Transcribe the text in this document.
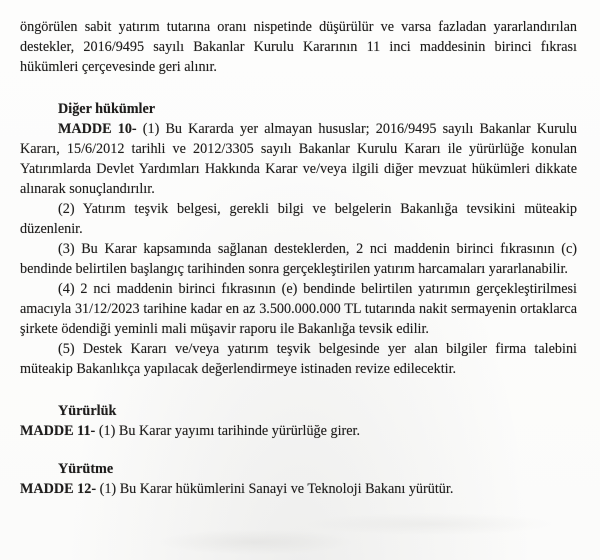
öngörülen sabit yatırım tutarına oranı nispetinde düşürülür ve varsa fazladan yararlandırılan destekler, 2016/9495 sayılı Bakanlar Kurulu Kararının 11 inci maddesinin birinci fıkrası hükümleri çerçevesinde geri alınır.

Diğer hükümler

MADDE 10- (1) Bu Kararda yer almayan hususlar; 2016/9495 sayılı Bakanlar Kurulu Kararı, 15/6/2012 tarihli ve 2012/3305 sayılı Bakanlar Kurulu Kararı ile yürürlüğe konulan Yatırımlarda Devlet Yardımları Hakkında Karar ve/veya ilgili diğer mevzuat hükümleri dikkate alınarak sonuçlandırılır.

(2) Yatırım teşvik belgesi, gerekli bilgi ve belgelerin Bakanlığa tevsikini müteakip düzenlenir.

(3) Bu Karar kapsamında sağlanan desteklerden, 2 nci maddenin birinci fıkrasının (c) bendinde belirtilen başlangıç tarihinden sonra gerçekleştirilen yatırım harcamaları yararlanabilir.

(4) 2 nci maddenin birinci fıkrasının (e) bendinde belirtilen yatırımın gerçekleştirilmesi amacıyla 31/12/2023 tarihine kadar en az 3.500.000.000 TL tutarında nakit sermayenin ortaklarca şirkete ödendiği yeminli mali müşavir raporu ile Bakanlığa tevsik edilir.

(5) Destek Kararı ve/veya yatırım teşvik belgesinde yer alan bilgiler firma talebini müteakip Bakanlıkça yapılacak değerlendirmeye istinaden revize edilecektir.

Yürürlük

MADDE 11- (1) Bu Karar yayımı tarihinde yürürlüğe girer.

Yürütme

MADDE 12- (1) Bu Karar hükümlerini Sanayi ve Teknoloji Bakanı yürütür.
